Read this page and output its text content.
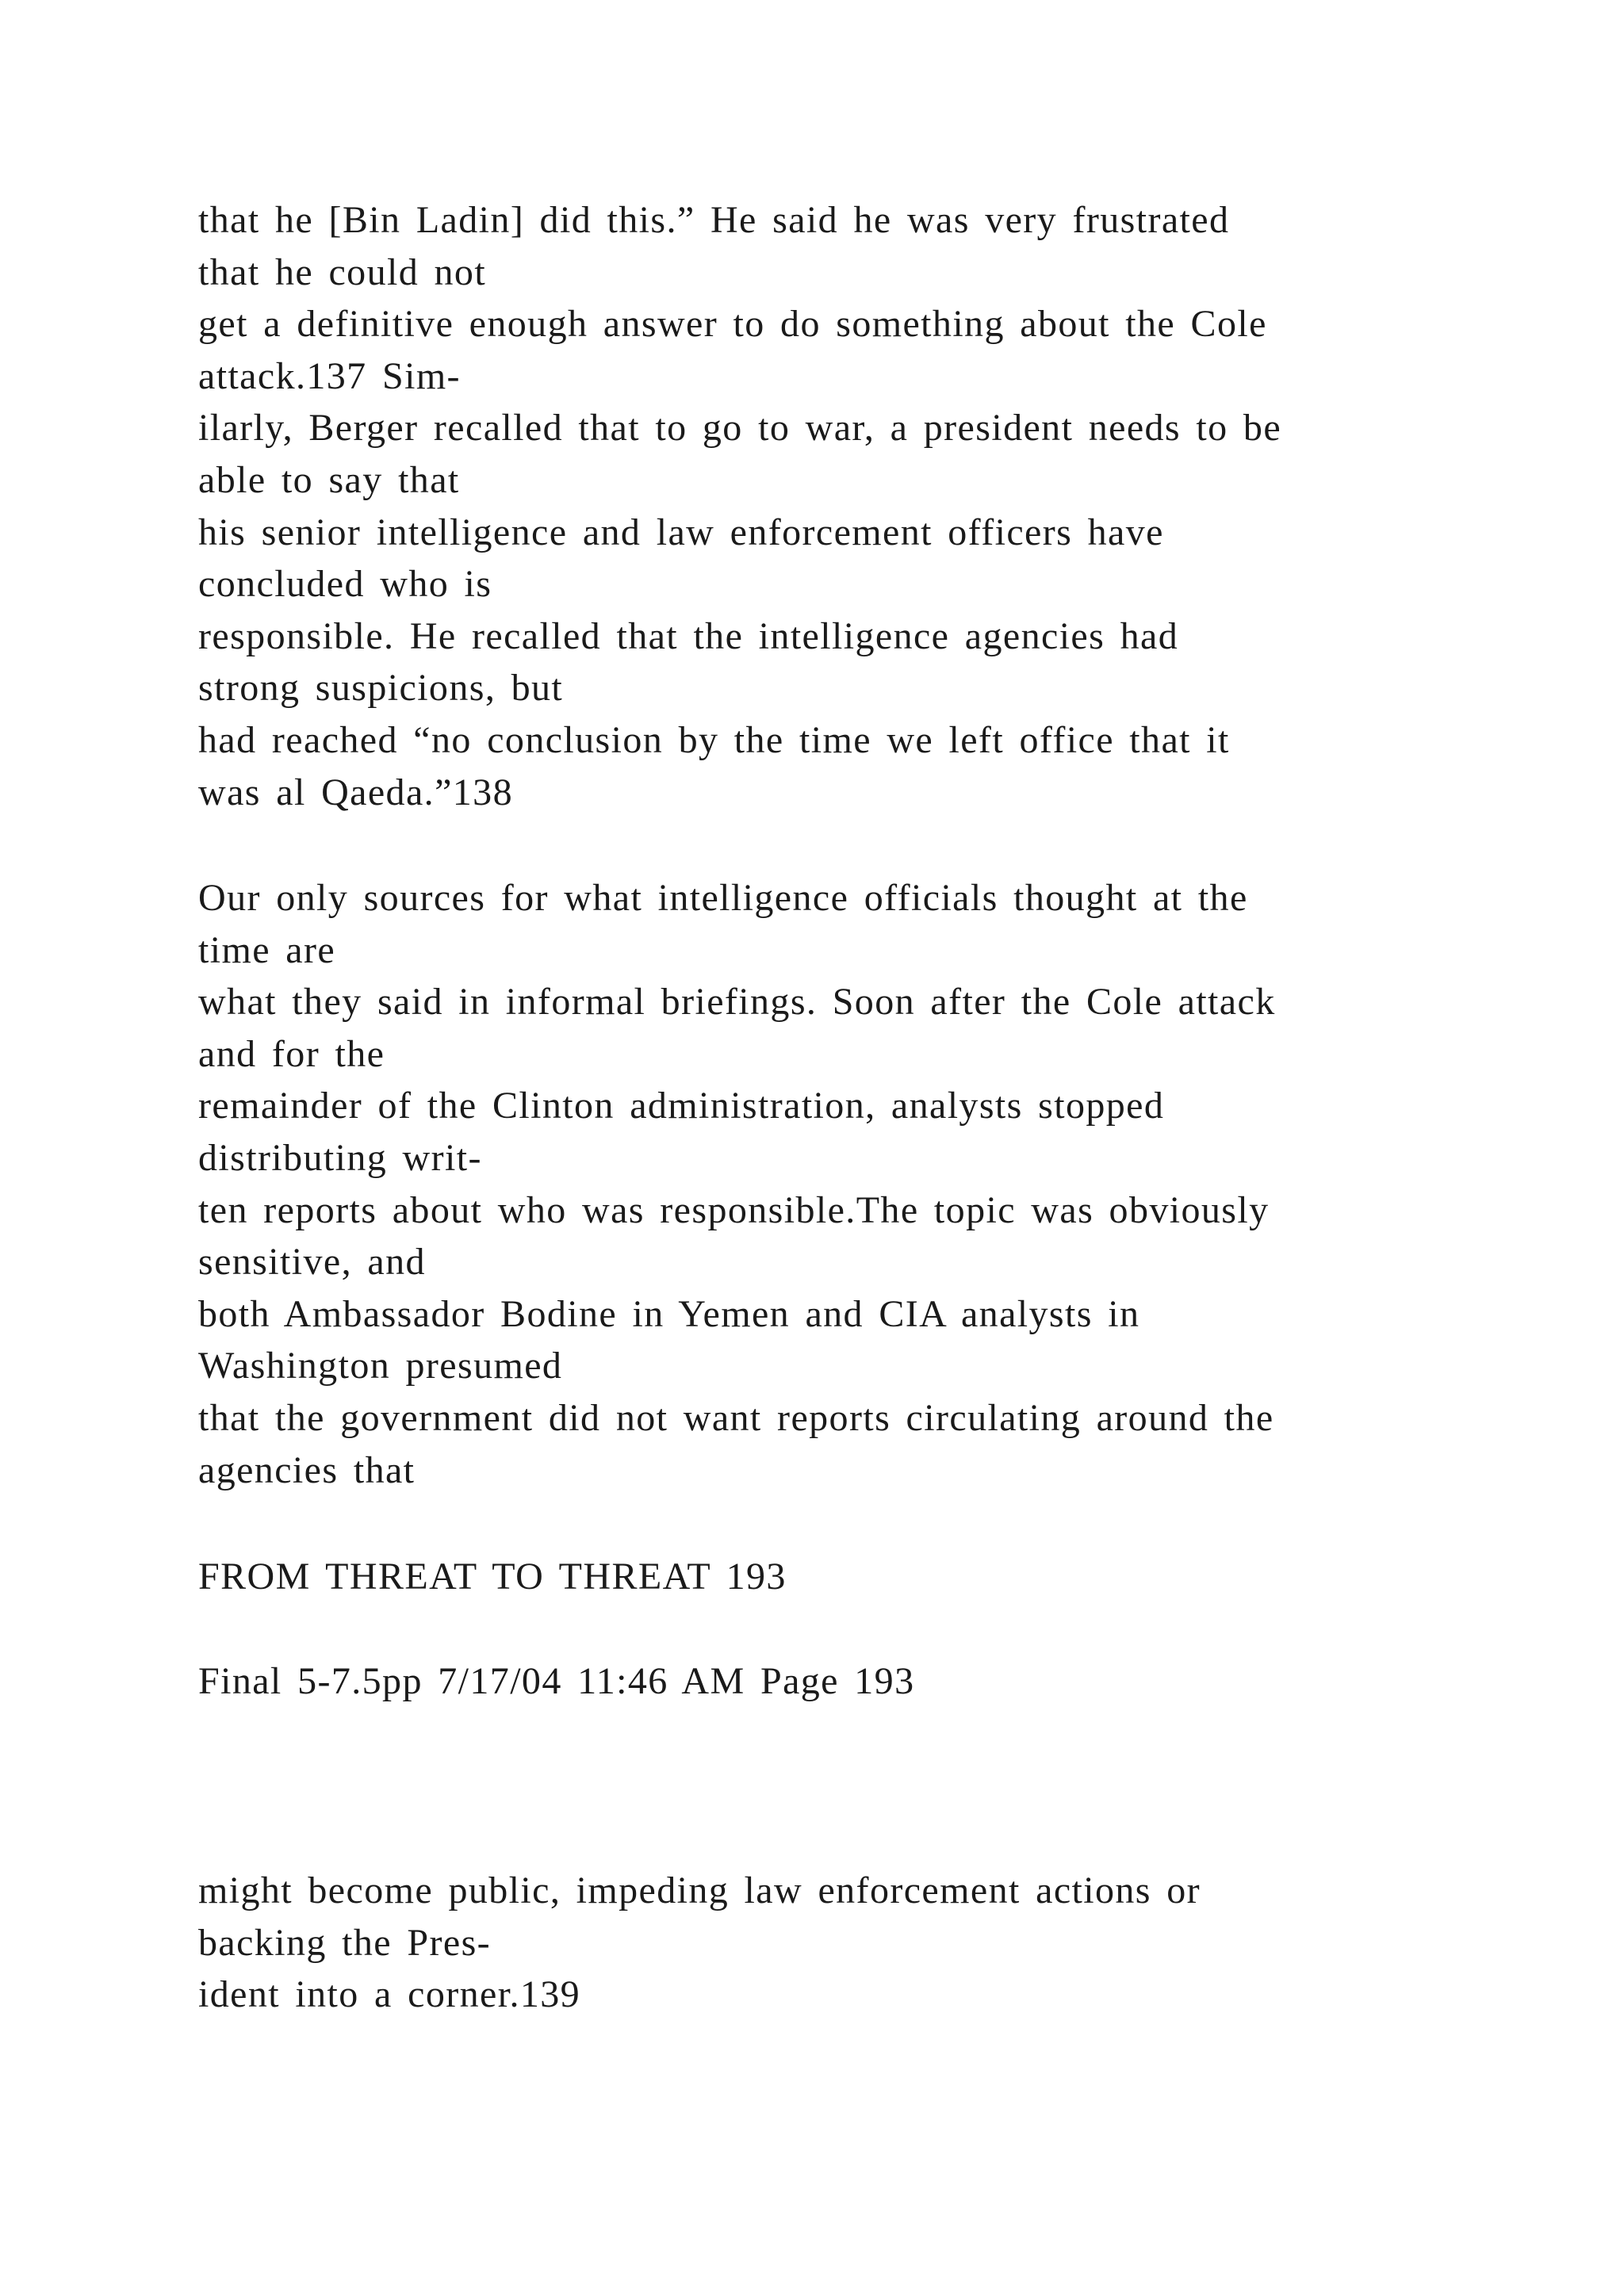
that he [Bin Ladin] did this.” He said he was very frustrated
that he could not
get a definitive enough answer to do something about the Cole
attack.137 Sim-
ilarly, Berger recalled that to go to war, a president needs to be
able to say that
his senior intelligence and law enforcement officers have
concluded who is
responsible. He recalled that the intelligence agencies had
strong suspicions, but
had reached “no conclusion by the time we left office that it
was al Qaeda.”138
Our only sources for what intelligence officials thought at the
time are
what they said in informal briefings. Soon after the Cole attack
and for the
remainder of the Clinton administration, analysts stopped
distributing writ-
ten reports about who was responsible.The topic was obviously
sensitive, and
both Ambassador Bodine in Yemen and CIA analysts in
Washington presumed
that the government did not want reports circulating around the
agencies that
FROM THREAT TO THREAT 193
Final 5-7.5pp 7/17/04 11:46 AM Page 193
might become public, impeding law enforcement actions or
backing the Pres-
ident into a corner.139
